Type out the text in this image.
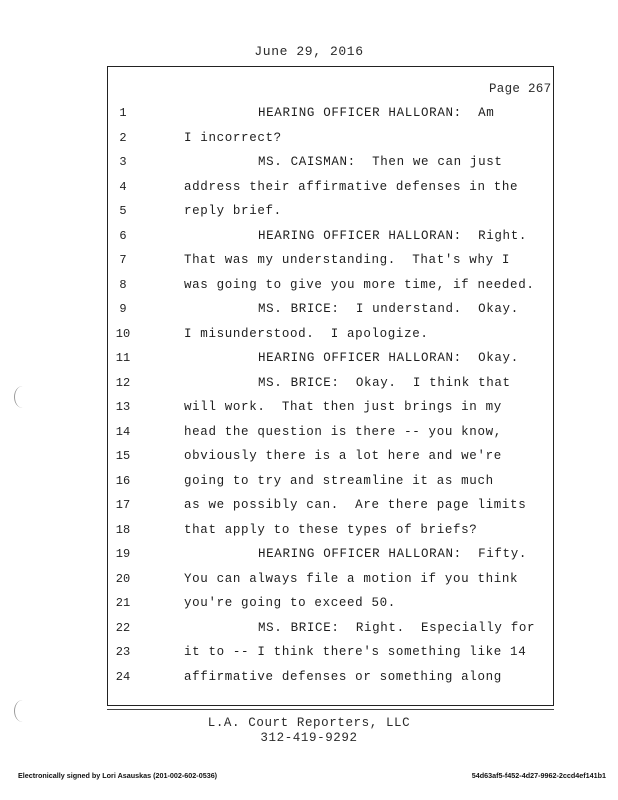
June 29, 2016
Page 267
1	HEARING OFFICER HALLORAN:  Am
2	I incorrect?
3	MS. CAISMAN:  Then we can just
4	address their affirmative defenses in the
5	reply brief.
6	HEARING OFFICER HALLORAN:  Right.
7	That was my understanding.  That's why I
8	was going to give you more time, if needed.
9	MS. BRICE:  I understand.  Okay.
10	I misunderstood.  I apologize.
11	HEARING OFFICER HALLORAN:  Okay.
12	MS. BRICE:  Okay.  I think that
13	will work.  That then just brings in my
14	head the question is there -- you know,
15	obviously there is a lot here and we're
16	going to try and streamline it as much
17	as we possibly can.  Are there page limits
18	that apply to these types of briefs?
19	HEARING OFFICER HALLORAN:  Fifty.
20	You can always file a motion if you think
21	you're going to exceed 50.
22	MS. BRICE:  Right.  Especially for
23	it to -- I think there's something like 14
24	affirmative defenses or something along
L.A. Court Reporters, LLC
312-419-9292
Electronically signed by Lori Asauskas (201-002-602-0536)	54d63af5-f452-4d27-9962-2ccd4ef141b1
